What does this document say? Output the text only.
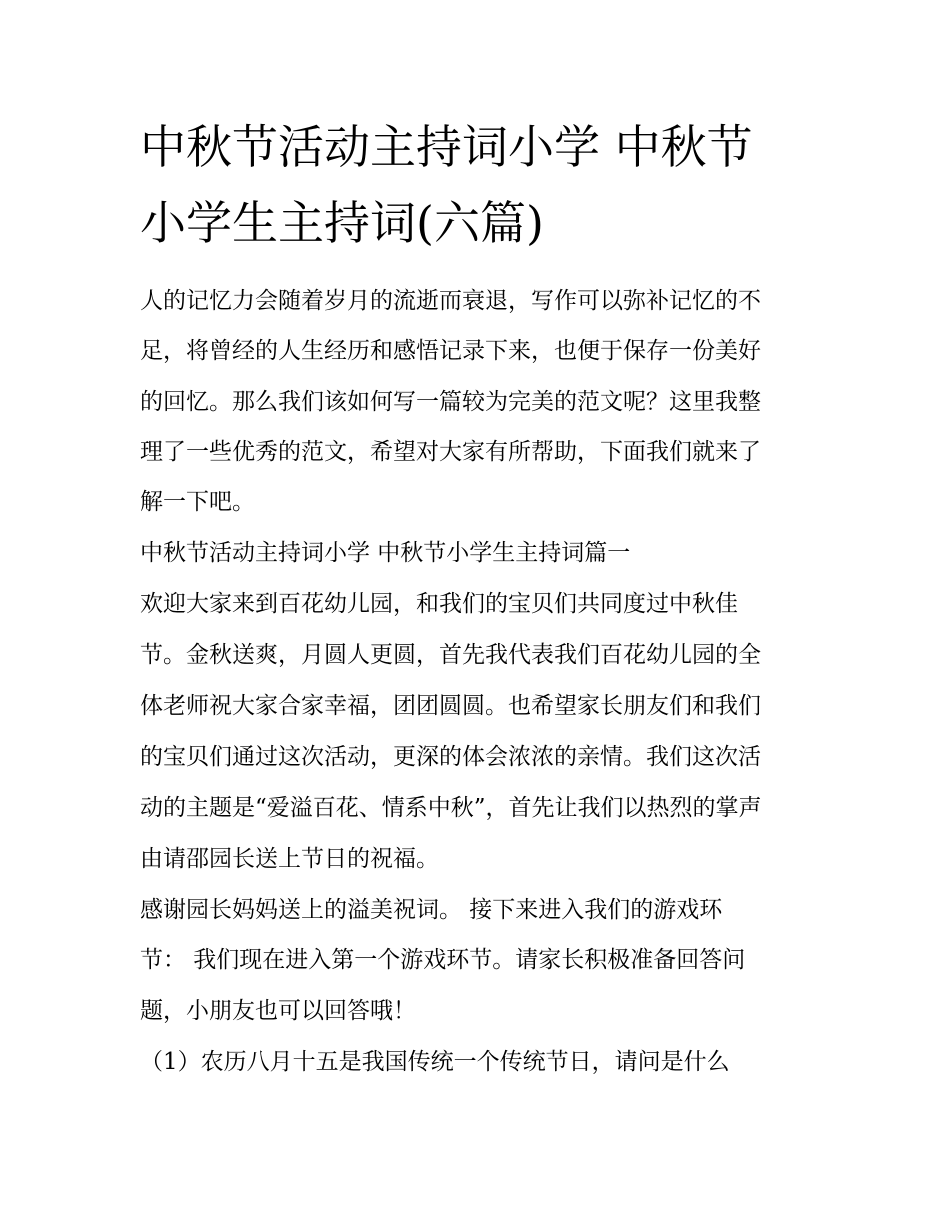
中秋节活动主持词小学 中秋节
小学生主持词(六篇)

人的记忆力会随着岁月的流逝而衰退，写作可以弥补记忆的不

足，将曾经的人生经历和感悟记录下来，也便于保存一份美好

的回忆。那么我们该如何写一篇较为完美的范文呢？这里我整

理了一些优秀的范文，希望对大家有所帮助，下面我们就来了

解一下吧。

中秋节活动主持词小学 中秋节小学生主持词篇一

欢迎大家来到百花幼儿园，和我们的宝贝们共同度过中秋佳

节。金秋送爽，月圆人更圆，首先我代表我们百花幼儿园的全

体老师祝大家合家幸福，团团圆圆。也希望家长朋友们和我们

的宝贝们通过这次活动，更深的体会浓浓的亲情。我们这次活

动的主题是“爱溢百花、情系中秋”，首先让我们以热烈的掌声

由请邵园长送上节日的祝福。

感谢园长妈妈送上的溢美祝词。 接下来进入我们的游戏环

节： 我们现在进入第一个游戏环节。请家长积极准备回答问

题，小朋友也可以回答哦！

（1）农历八月十五是我国传统一个传统节日，请问是什么
